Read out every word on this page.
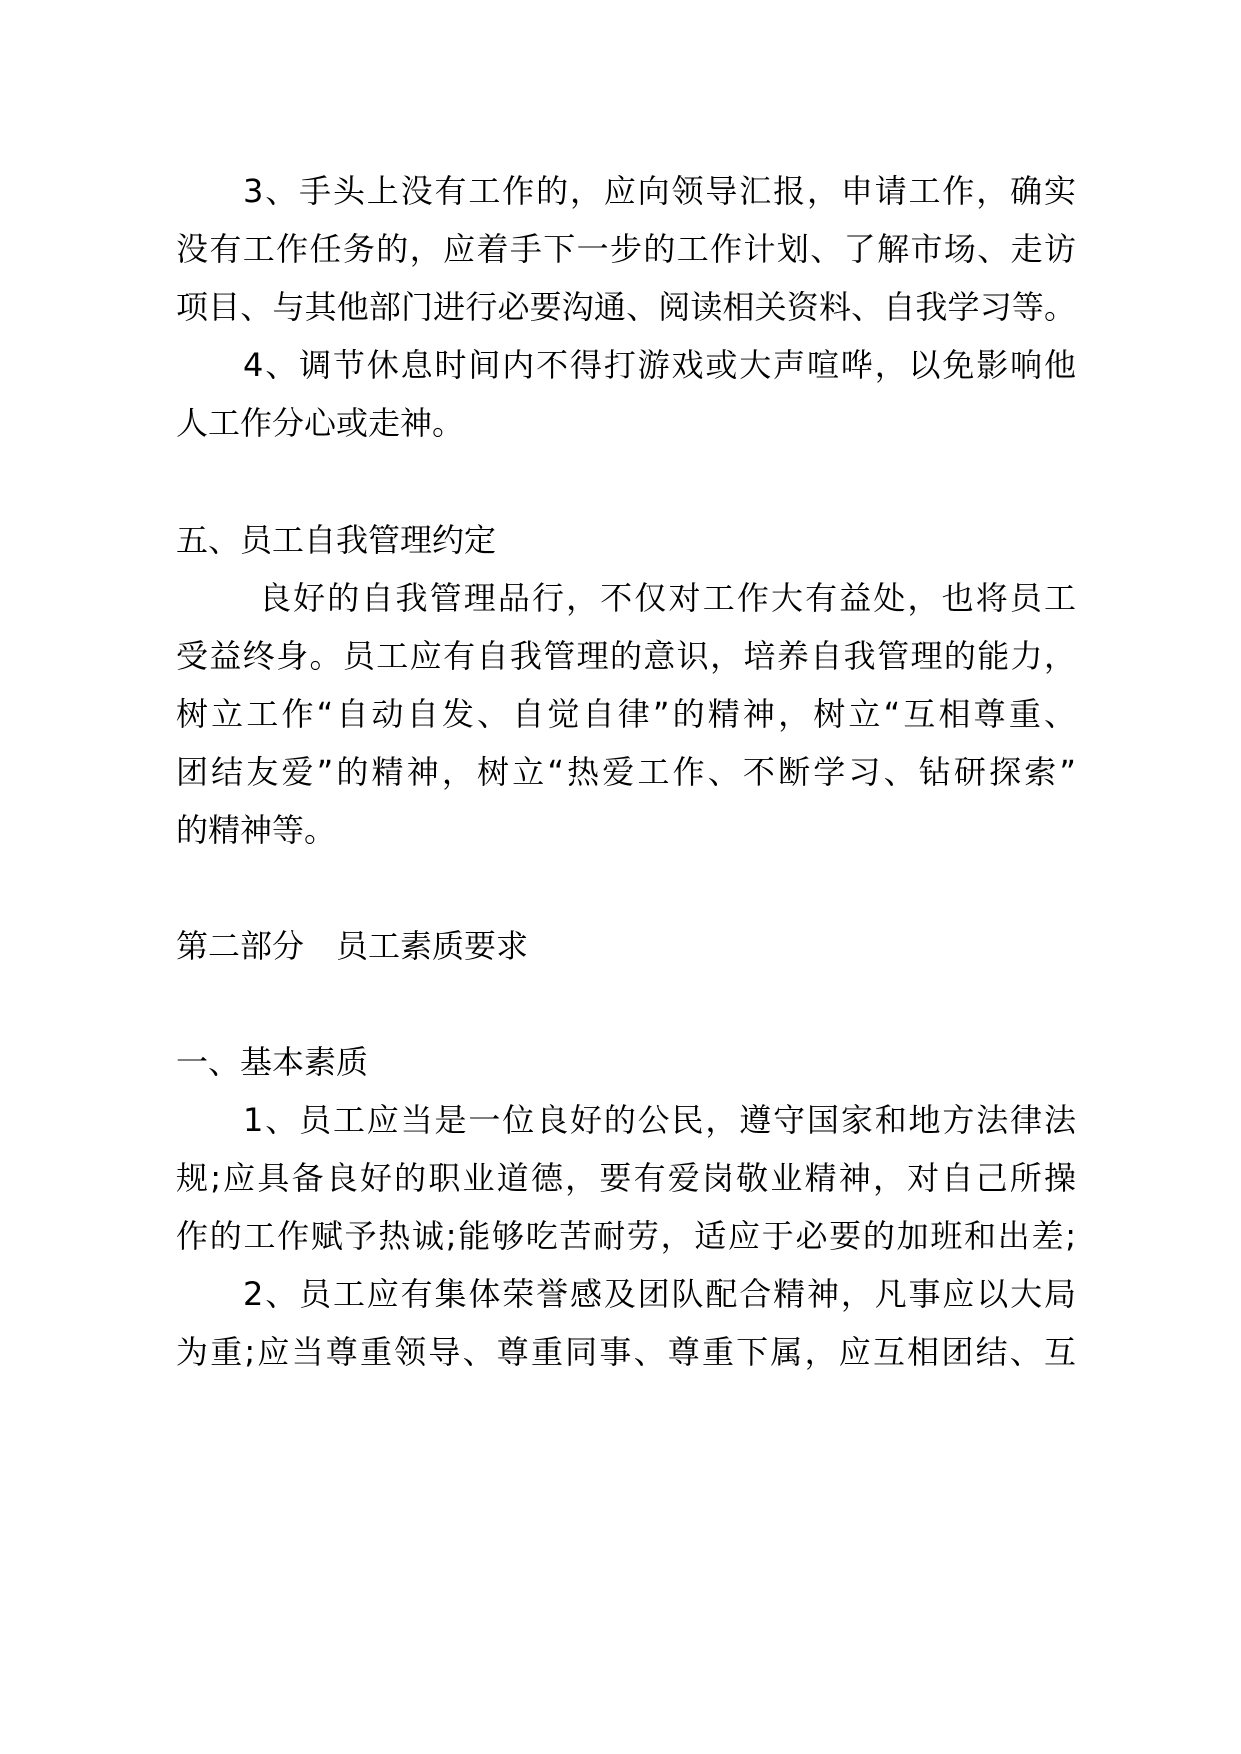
3、手头上没有工作的，应向领导汇报，申请工作，确实

没有工作任务的，应着手下一步的工作计划、了解市场、走访

项目、与其他部门进行必要沟通、阅读相关资料、自我学习等。

4、调节休息时间内不得打游戏或大声喧哗，以免影响他

人工作分心或走神。

五、员工自我管理约定

良好的自我管理品行，不仅对工作大有益处，也将员工

受益终身。员工应有自我管理的意识，培养自我管理的能力，

树立工作“自动自发、自觉自律”的精神，树立“互相尊重、

团结友爱”的精神，树立“热爱工作、不断学习、钻研探索”

的精神等。

第二部分　员工素质要求

一、基本素质

1、员工应当是一位良好的公民，遵守国家和地方法律法

规;应具备良好的职业道德，要有爱岗敬业精神，对自己所操

作的工作赋予热诚;能够吃苦耐劳，适应于必要的加班和出差;

2、员工应有集体荣誉感及团队配合精神，凡事应以大局

为重;应当尊重领导、尊重同事、尊重下属，应互相团结、互
